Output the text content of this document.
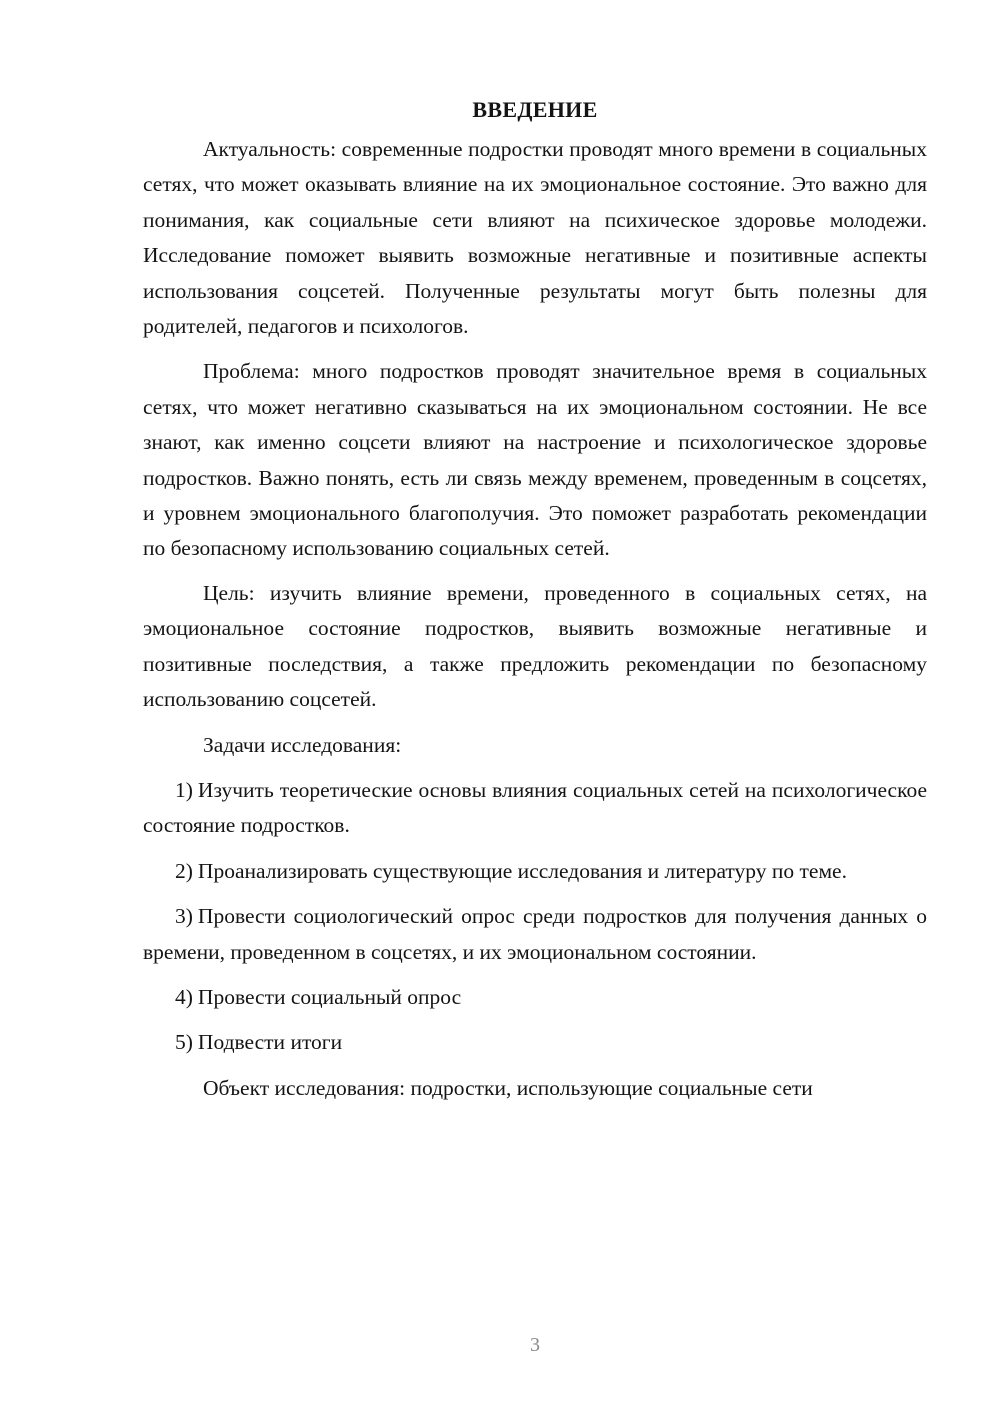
ВВЕДЕНИЕ

Актуальность: современные подростки проводят много времени в социальных сетях, что может оказывать влияние на их эмоциональное состояние. Это важно для понимания, как социальные сети влияют на психическое здоровье молодежи. Исследование поможет выявить возможные негативные и позитивные аспекты использования соцсетей. Полученные результаты могут быть полезны для родителей, педагогов и психологов.

Проблема: много подростков проводят значительное время в социальных сетях, что может негативно сказываться на их эмоциональном состоянии. Не все знают, как именно соцсети влияют на настроение и психологическое здоровье подростков. Важно понять, есть ли связь между временем, проведенным в соцсетях, и уровнем эмоционального благополучия. Это поможет разработать рекомендации по безопасному использованию социальных сетей.

Цель: изучить влияние времени, проведенного в социальных сетях, на эмоциональное состояние подростков, выявить возможные негативные и позитивные последствия, а также предложить рекомендации по безопасному использованию соцсетей.

Задачи исследования:

1) Изучить теоретические основы влияния социальных сетей на психологическое состояние подростков.

2) Проанализировать существующие исследования и литературу по теме.

3) Провести социологический опрос среди подростков для получения данных о времени, проведенном в соцсетях, и их эмоциональном состоянии.

4) Провести социальный опрос

5) Подвести итоги

Объект исследования: подростки, использующие социальные сети

3
